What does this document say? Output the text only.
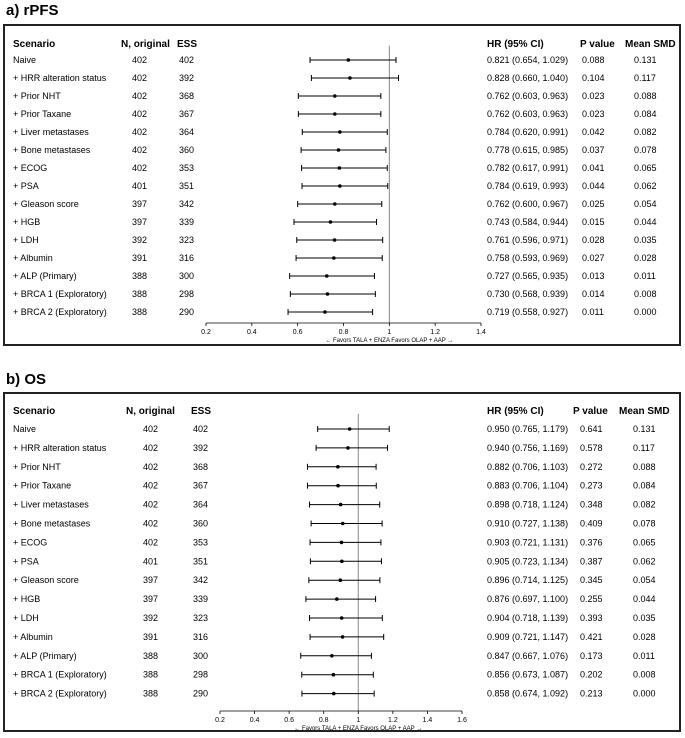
a) rPFS
Scenario	N, original ESS	HR (95% CI)	P value Mean SMD
Naive	402	402	0.821 (0.654, 1.029) 0.088	0.131
+ HRR alteration status	402	392	0.828 (0.660, 1.040) 0.104	0.117
+ Prior NHT	402	368	0.762 (0.603, 0.963) 0.023	0.088
+ Prior Taxane	402	367	0.762 (0.603, 0.963) 0.023	0.084
+ Liver metastases	402	364	0.784 (0.620, 0.991) 0.042	0.082
+ Bone metastases	402	360	0.778 (0.615, 0.985) 0.037	0.078
+ ECOG	402	353	0.782 (0.617, 0.991) 0.041	0.065
+ PSA	401	351	0.784 (0.619, 0.993) 0.044	0.062
+ Gleason score	397	342	0.762 (0.600, 0.967) 0.025	0.054
+ HGB	397	339	0.743 (0.584, 0.944) 0.015	0.044
+ LDH	392	323	0.761 (0.596, 0.971) 0.028	0.035
+ Albumin	391	316	0.758 (0.593, 0.969) 0.027	0.028
+ ALP (Primary)	388	300	0.727 (0.565, 0.935) 0.013	0.011
+ BRCA 1 (Exploratory)	388	298	0.730 (0.568, 0.939) 0.014	0.008
+ BRCA 2 (Exploratory)	388	290	0.719 (0.558, 0.927) 0.011	0.000
0.2	0.4	0.6	0.8	1	1.2	1.4
← Favors TALA + ENZA Favors OLAP + AAP →
b) OS
Scenario	N, original ESS	HR (95% CI)	P value Mean SMD
Naive	402	402	0.950 (0.765, 1.179) 0.641	0.131
+ HRR alteration status	402	392	0.940 (0.756, 1.169) 0.578	0.117
+ Prior NHT	402	368	0.882 (0.706, 1.103) 0.272	0.088
+ Prior Taxane	402	367	0.883 (0.706, 1.104) 0.273	0.084
+ Liver metastases	402	364	0.898 (0.718, 1.124) 0.348	0.082
+ Bone metastases	402	360	0.910 (0.727, 1.138) 0.409	0.078
+ ECOG	402	353	0.903 (0.721, 1.131) 0.376	0.065
+ PSA	401	351	0.905 (0.723, 1.134) 0.387	0.062
+ Gleason score	397	342	0.896 (0.714, 1.125) 0.345	0.054
+ HGB	397	339	0.876 (0.697, 1.100) 0.255	0.044
+ LDH	392	323	0.904 (0.718, 1.139) 0.393	0.035
+ Albumin	391	316	0.909 (0.721, 1.147) 0.421	0.028
+ ALP (Primary)	388	300	0.847 (0.667, 1.076) 0.173	0.011
+ BRCA 1 (Exploratory)	388	298	0.856 (0.673, 1.087) 0.202	0.008
+ BRCA 2 (Exploratory)	388	290	0.858 (0.674, 1.092) 0.213	0.000
0.2	0.4	0.6	0.8	1	1.2	1.4	1.6
← Favors TALA + ENZA Favors OLAP + AAP →
